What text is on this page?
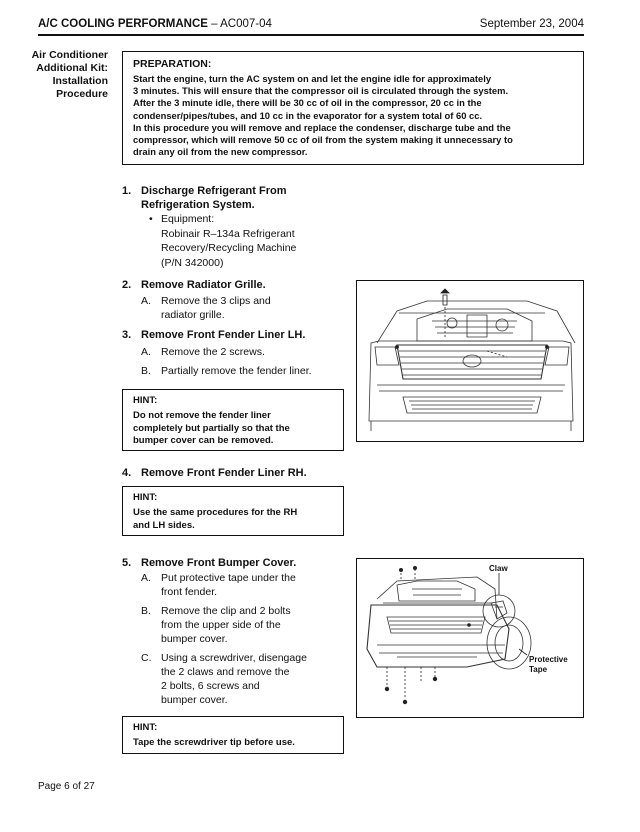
A/C COOLING PERFORMANCE – AC007-04	September 23, 2004
Air Conditioner
Additional Kit:
Installation
Procedure
PREPARATION:
Start the engine, turn the AC system on and let the engine idle for approximately
3 minutes. This will ensure that the compressor oil is circulated through the system.
After the 3 minute idle, there will be 30 cc of oil in the compressor, 20 cc in the
condenser/pipes/tubes, and 10 cc in the evaporator for a system total of 60 cc.
In this procedure you will remove and replace the condenser, discharge tube and the
compressor, which will remove 50 cc of oil from the system making it unnecessary to
drain any oil from the new compressor.
1. Discharge Refrigerant From
Refrigeration System.
• Equipment:
Robinair R–134a Refrigerant
Recovery/Recycling Machine
(P/N 342000)
2. Remove Radiator Grille.
A. Remove the 3 clips and
radiator grille.
3. Remove Front Fender Liner LH.
A. Remove the 2 screws.
B. Partially remove the fender liner.
HINT:
Do not remove the fender liner
completely but partially so that the
bumper cover can be removed.
4. Remove Front Fender Liner RH.
HINT:
Use the same procedures for the RH
and LH sides.
5. Remove Front Bumper Cover.
A. Put protective tape under the
front fender.
B. Remove the clip and 2 bolts
from the upper side of the
bumper cover.
C. Using a screwdriver, disengage
the 2 claws and remove the
2 bolts, 6 screws and
bumper cover.
HINT:
Tape the screwdriver tip before use.
Claw
Protective
Tape
Page 6 of 27
